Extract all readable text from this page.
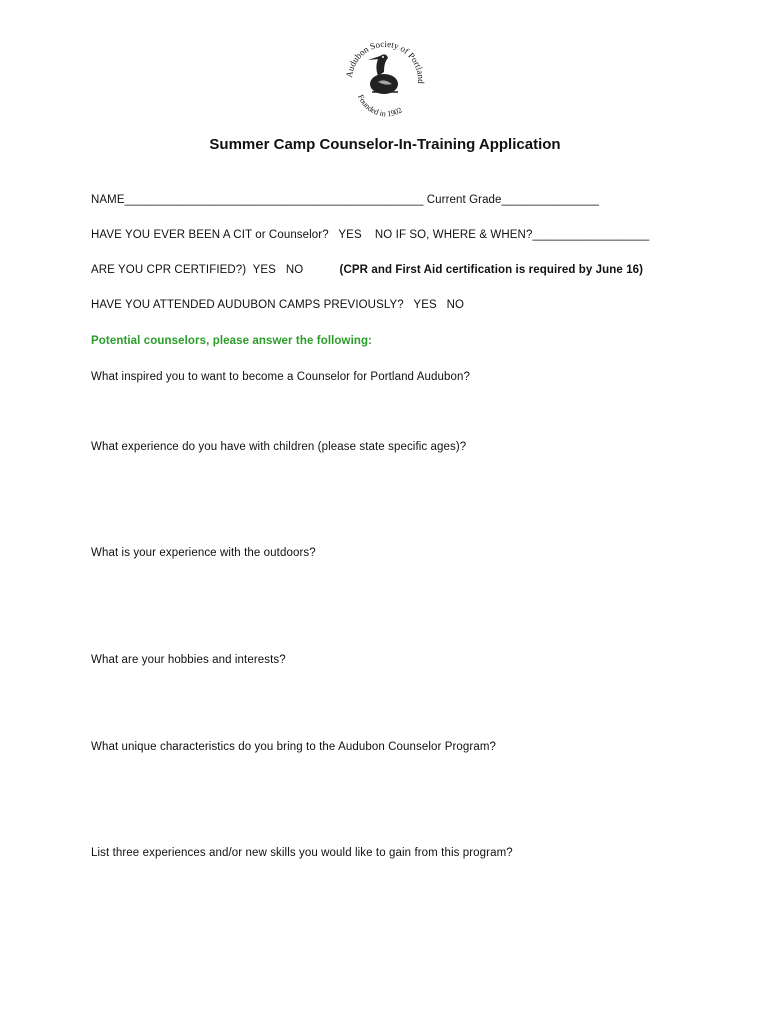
Audubon Society of Portland
Founded in 1902
Summer Camp Counselor-In-Training Application
NAME______________________________________________ Current Grade_______________
HAVE YOU EVER BEEN A CIT or Counselor?   YES    NO IF SO, WHERE & WHEN?__________________
ARE YOU CPR CERTIFIED?)  YES   NO           (CPR and First Aid certification is required by June 16)
HAVE YOU ATTENDED AUDUBON CAMPS PREVIOUSLY?   YES   NO
Potential counselors, please answer the following:
What inspired you to want to become a Counselor for Portland Audubon?
What experience do you have with children (please state specific ages)?
What is your experience with the outdoors?
What are your hobbies and interests?
What unique characteristics do you bring to the Audubon Counselor Program?
List three experiences and/or new skills you would like to gain from this program?
